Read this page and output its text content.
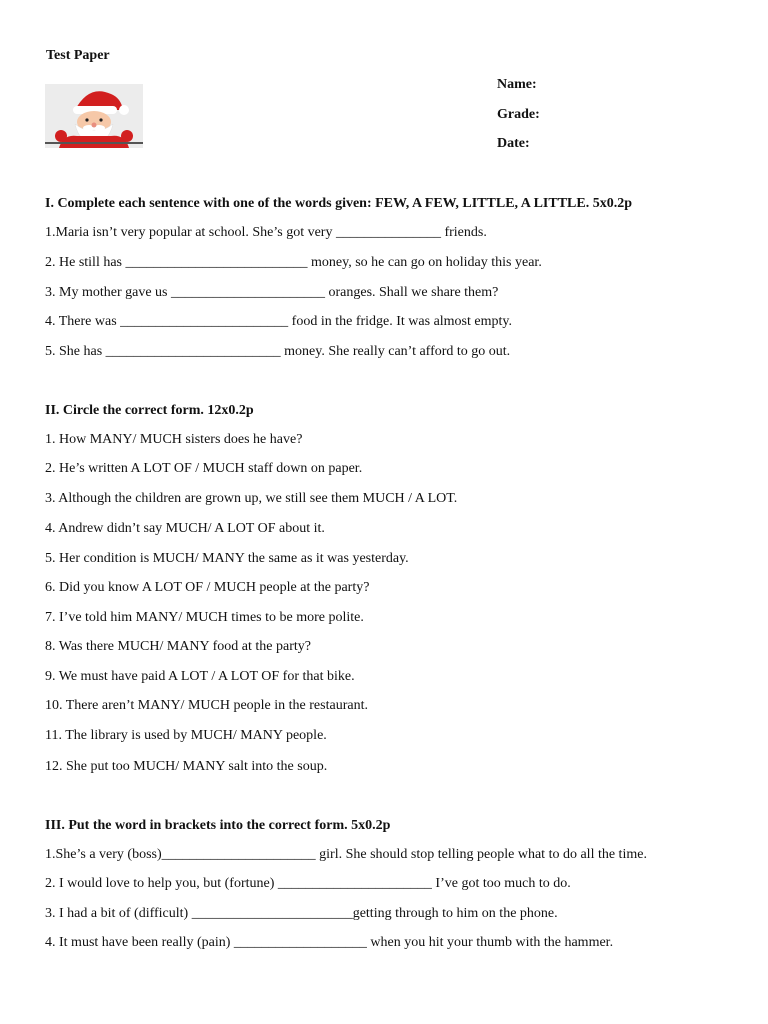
Test Paper
Name:
Grade:
Date:
I. Complete each sentence with one of the words given: FEW, A FEW, LITTLE, A LITTLE. 5x0.2p
1.Maria isn’t very popular at school. She’s got very _______________ friends.
2. He still has __________________________ money, so he can go on holiday this year.
3. My mother gave us ______________________ oranges. Shall we share them?
4. There was ________________________ food in the fridge. It was almost empty.
5. She has _________________________ money. She really can’t afford to go out.
II. Circle the correct form. 12x0.2p
1. How MANY/ MUCH sisters does he have?
2. He’s written A LOT OF / MUCH staff down on paper.
3. Although the children are grown up, we still see them MUCH / A LOT.
4. Andrew didn’t say MUCH/ A LOT OF about it.
5. Her condition is MUCH/ MANY the same as it was yesterday.
6. Did you know A LOT OF / MUCH people at the party?
7. I’ve told him MANY/ MUCH times to be more polite.
8. Was there MUCH/ MANY food at the party?
9. We must have paid A LOT / A LOT OF for that bike.
10. There aren’t MANY/ MUCH people in the restaurant.
11. The library is used by MUCH/ MANY people.
12. She put too MUCH/ MANY salt into the soup.
III. Put the word in brackets into the correct form. 5x0.2p
1.She’s a very (boss)______________________ girl. She should stop telling people what to do all the time.
2. I would love to help you, but (fortune) ______________________ I’ve got too much to do.
3. I had a bit of (difficult) _______________________getting through to him on the phone.
4. It must have been really (pain) ___________________ when you hit your thumb with the hammer.
